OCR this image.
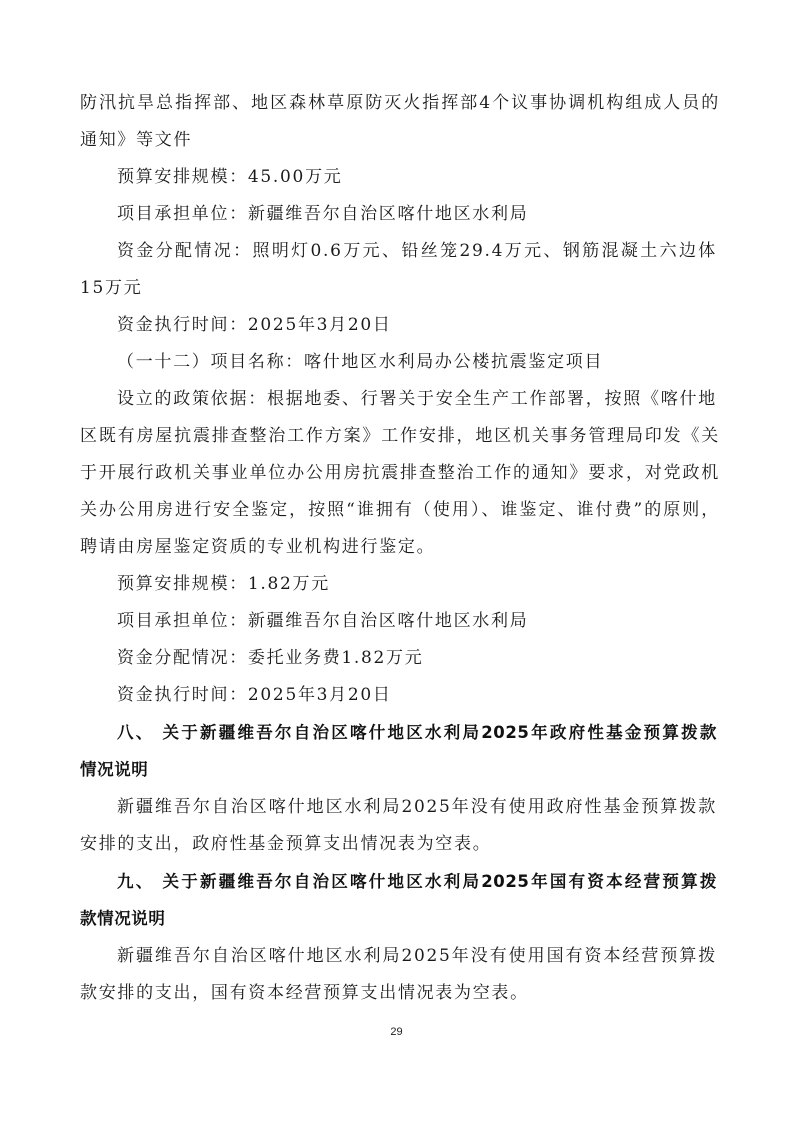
防汛抗旱总指挥部、地区森林草原防灭火指挥部4个议事协调机构组成人员的
通知》等文件
预算安排规模：45.00万元
项目承担单位：新疆维吾尔自治区喀什地区水利局
资金分配情况：照明灯0.6万元、铅丝笼29.4万元、钢筋混凝土六边体
15万元
资金执行时间：2025年3月20日
（一十二）项目名称：喀什地区水利局办公楼抗震鉴定项目
设立的政策依据：根据地委、行署关于安全生产工作部署，按照《喀什地
区既有房屋抗震排查整治工作方案》工作安排，地区机关事务管理局印发《关
于开展行政机关事业单位办公用房抗震排查整治工作的通知》要求，对党政机
关办公用房进行安全鉴定，按照“谁拥有（使用）、谁鉴定、谁付费”的原则，
聘请由房屋鉴定资质的专业机构进行鉴定。
预算安排规模：1.82万元
项目承担单位：新疆维吾尔自治区喀什地区水利局
资金分配情况：委托业务费1.82万元
资金执行时间：2025年3月20日
八、 关于新疆维吾尔自治区喀什地区水利局2025年政府性基金预算拨款
情况说明
新疆维吾尔自治区喀什地区水利局2025年没有使用政府性基金预算拨款
安排的支出，政府性基金预算支出情况表为空表。
九、 关于新疆维吾尔自治区喀什地区水利局2025年国有资本经营预算拨
款情况说明
新疆维吾尔自治区喀什地区水利局2025年没有使用国有资本经营预算拨
款安排的支出，国有资本经营预算支出情况表为空表。
29
